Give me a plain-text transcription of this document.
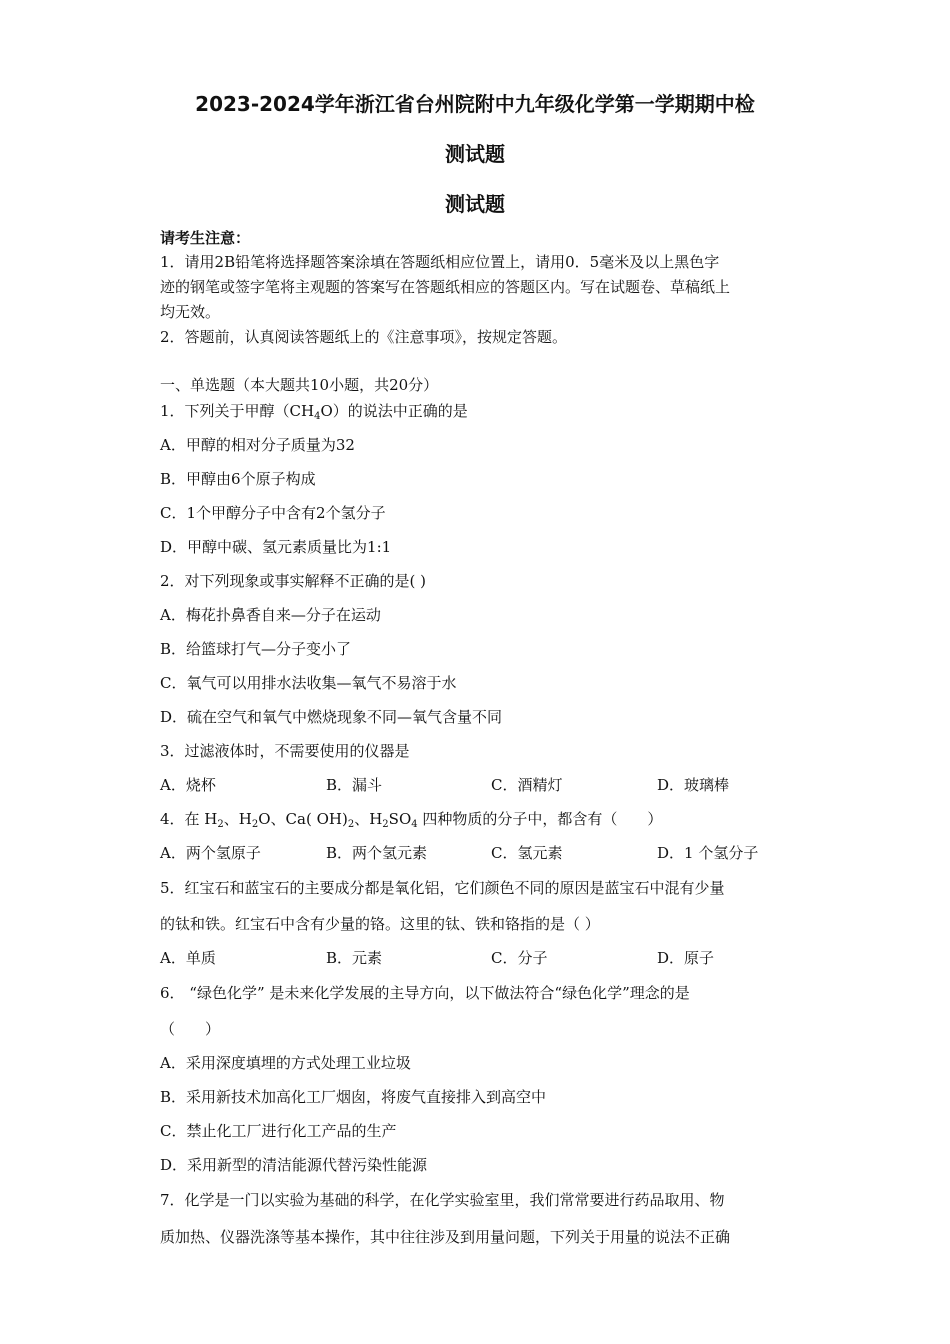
2023-2024学年浙江省台州院附中九年级化学第一学期期中检
测试题
测试题
请考生注意：
1．请用2B铅笔将选择题答案涂填在答题纸相应位置上，请用0．5毫米及以上黑色字
迹的钢笔或签字笔将主观题的答案写在答题纸相应的答题区内。写在试题卷、草稿纸上
均无效。
2．答题前，认真阅读答题纸上的《注意事项》，按规定答题。
一、单选题（本大题共10小题，共20分）
1．下列关于甲醇$(CH_4O)$的说法中正确的是
A．甲醇的相对分子质量为32
B．甲醇由6个原子构成
C．1个甲醇分子中含有2个氢分子
D．甲醇中碳、氢元素质量比为1:1
2．对下列现象或事实解释不正确的是( )
A．梅花扑鼻香自来—分子在运动
B．给篮球打气—分子变小了
C．氧气可以用排水法收集—氧气不易溶于水
D．硫在空气和氧气中燃烧现象不同—氧气含量不同
3．过滤液体时，不需要使用的仪器是
A．烧杯	B．漏斗	C．酒精灯	D．玻璃棒
4．在 $H_2$、$H_2O$、Ca( $OH)_2$、$H_2SO_4$ 四种物质的分子中，都含有（　　）
A．两个氢原子	B．两个氢元素	C．氢元素	D．1 个氢分子
5．红宝石和蓝宝石的主要成分都是氧化铝，它们颜色不同的原因是蓝宝石中混有少量
的钛和铁。红宝石中含有少量的铬。这里的钛、铁和铬指的是（ ）
A．单质	B．元素	C．分子	D．原子
6． “绿色化学” 是未来化学发展的主导方向，以下做法符合“绿色化学”理念的是
（　　）
A．采用深度填埋的方式处理工业垃圾
B．采用新技术加高化工厂烟囱，将废气直接排入到高空中
C．禁止化工厂进行化工产品的生产
D．采用新型的清洁能源代替污染性能源
7．化学是一门以实验为基础的科学，在化学实验室里，我们常常要进行药品取用、物
质加热、仪器洗涤等基本操作，其中往往涉及到用量问题，下列关于用量的说法不正确
